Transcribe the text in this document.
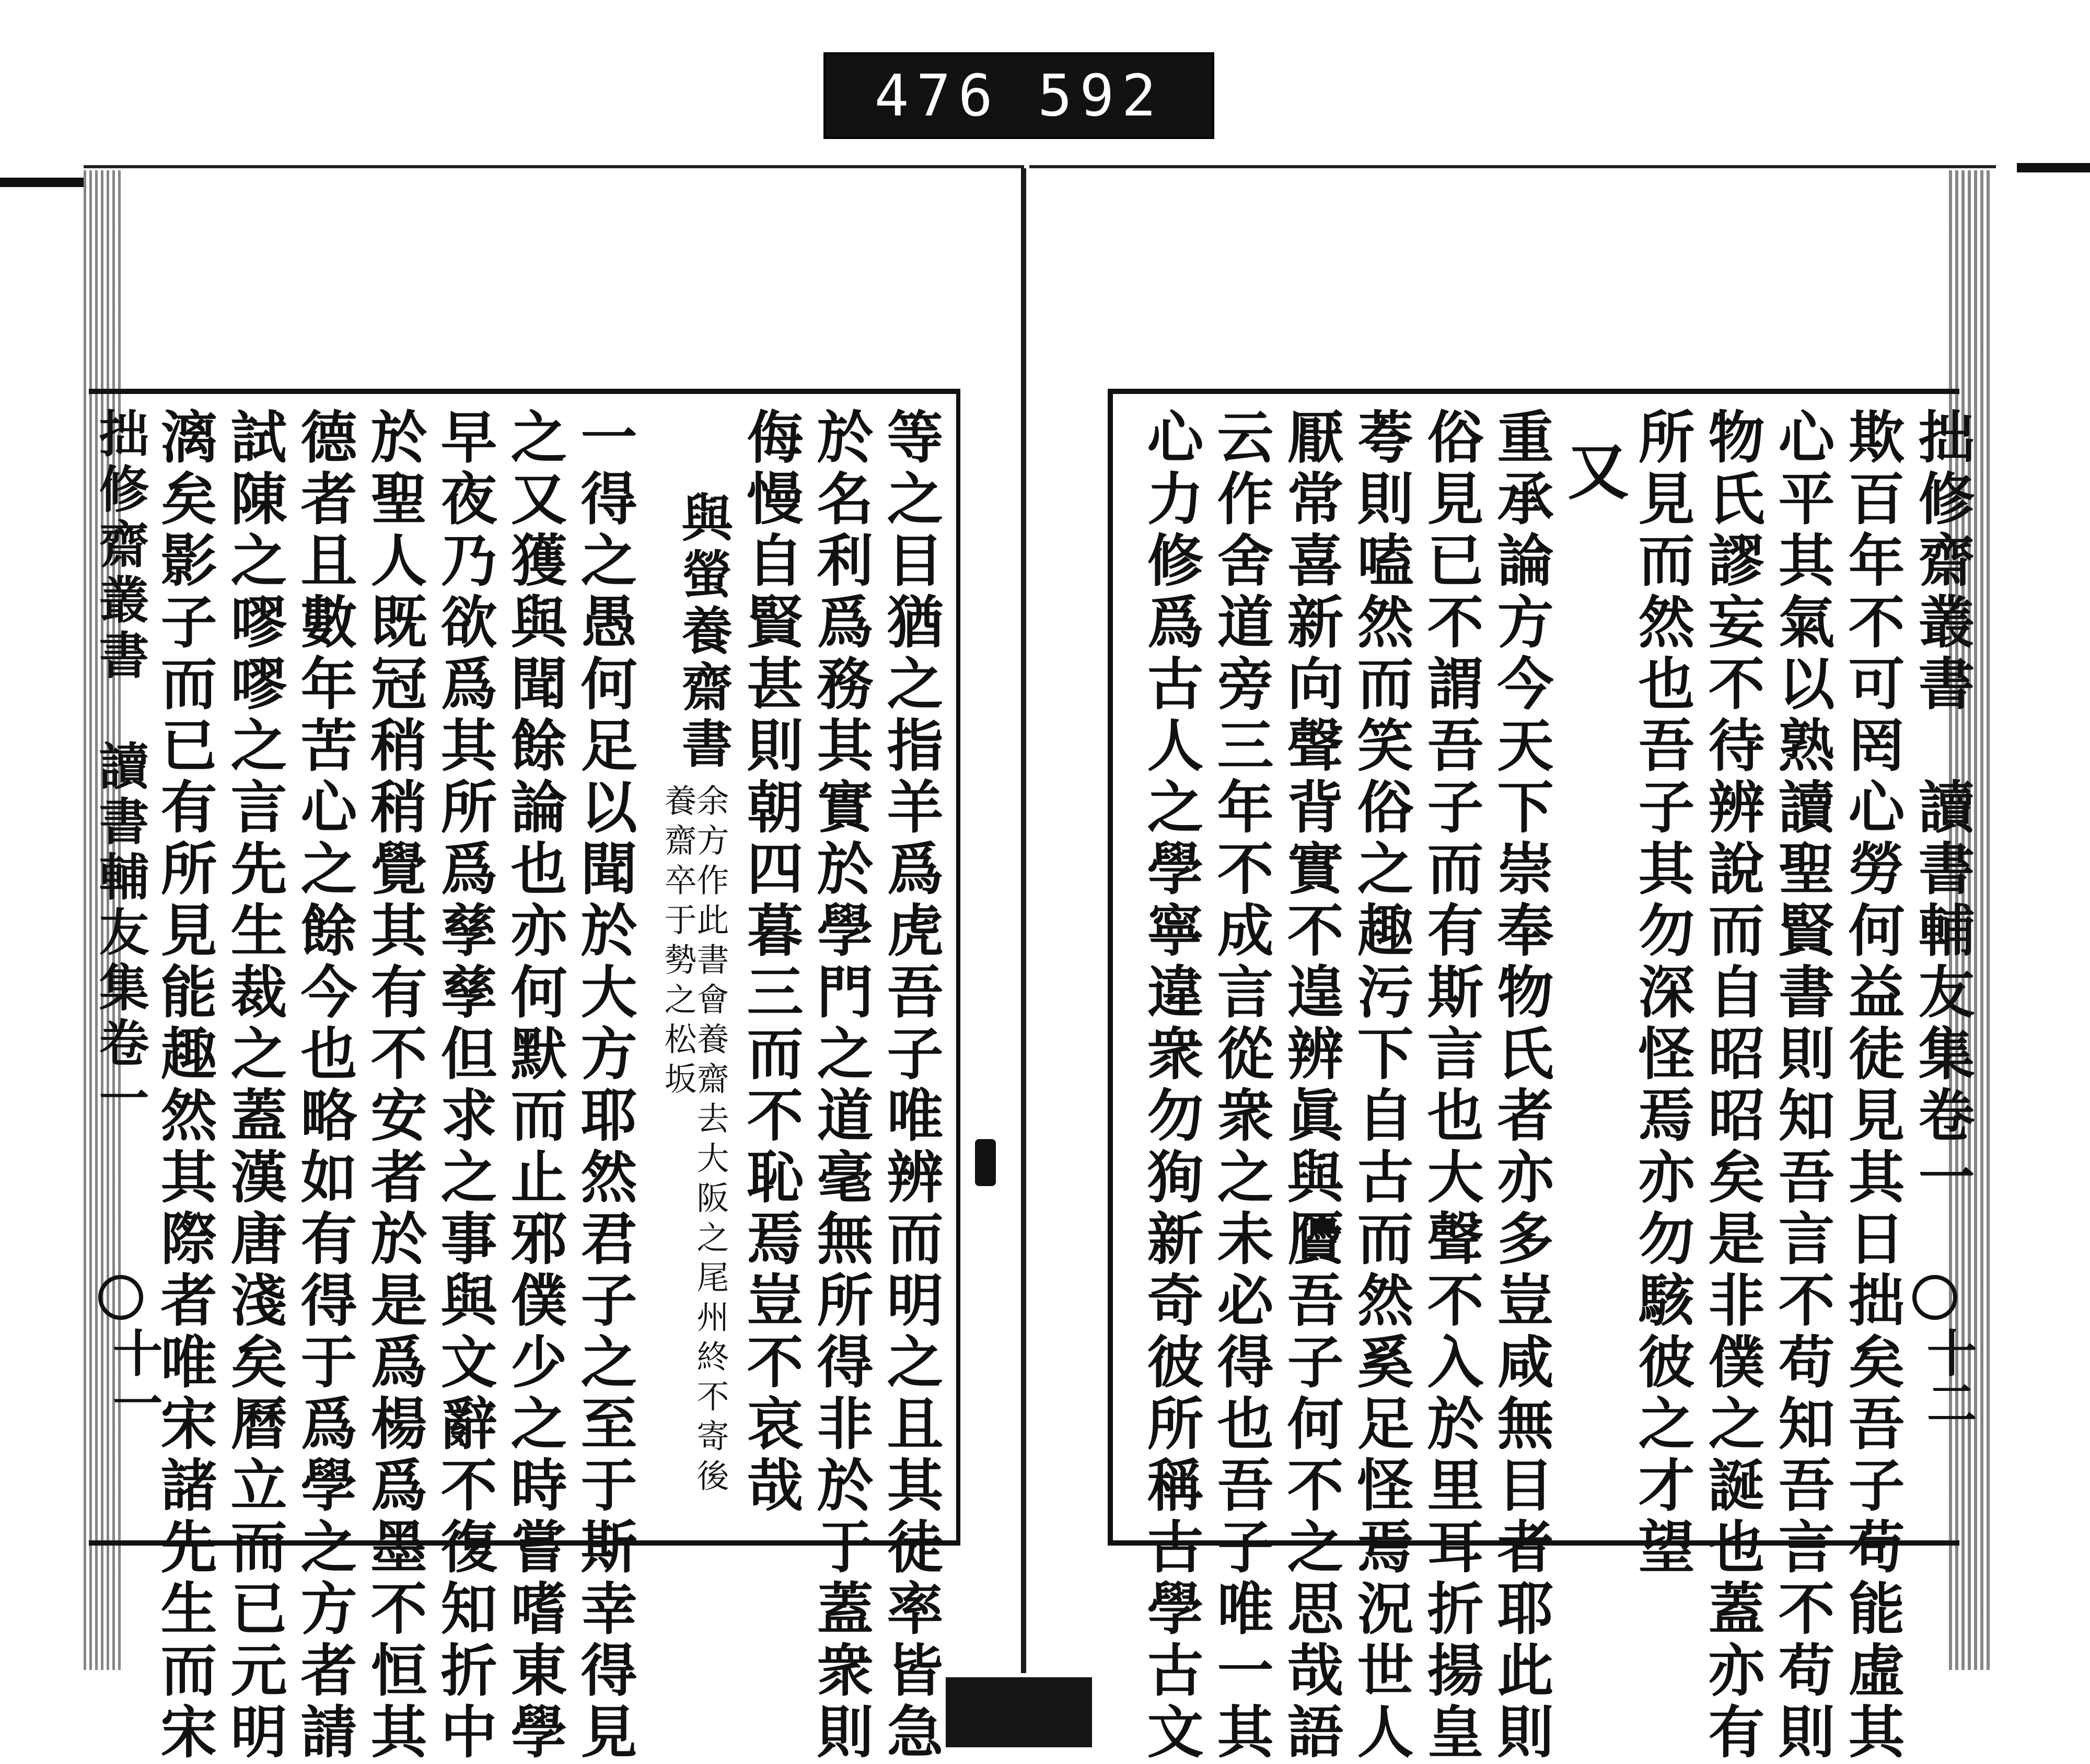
476 592
拙修齋叢書　讀書輔友集卷一
欺百年不可罔心勞何益徒見其日拙矣吾子苟能虛其
心平其氣以熟讀聖賢書則知吾言不苟知吾言不苟則
物氏謬妄不待辨說而自昭昭矣是非僕之誕也蓋亦有
所見而然也吾子其勿深怪焉亦勿駭彼之才望
又
重承論方今天下崇奉物氏者亦多豈咸無目者耶此則
俗見已不謂吾子而有斯言也大聲不入於里耳折揚皇
荂則嗑然而笑俗之趣污下自古而然奚足怪焉況世人
厭常喜新向聲背實不遑辨眞與贗吾子何不之思哉語
云作舍道旁三年不成言從衆之未必得也吾子唯一其
心力修爲古人之學寧違衆勿狥新奇彼所稱古學古文	十二
等之目猶之指羊爲虎吾子唯辨而明之且其徒率皆急
於名利爲務其實於學門之道毫無所得非於于蓋衆則
侮慢自賢甚則朝四暮三而不恥焉豈不哀哉
與螢養齋書
余方作此書會養齋去大阪之尾州終不寄後養齋卒于勢之松坂
一得之愚何足以聞於大方耶然君子之至于斯幸得見
之又獲與聞餘論也亦何默而止邪僕少之時嘗嗜東學
早夜乃欲爲其所爲孳孳但求之事與文辭不復知折中
於聖人既冠稍稍覺其有不安者於是爲楊爲墨不恒其
德者且數年苦心之餘今也略如有得于爲學之方者請
試陳之嘐嘐之言先生裁之蓋漢唐淺矣曆立而已元明
漓矣影子而已有所見能趣然其際者唯宋諸先生而宋
拙修齋叢書　讀書輔友集卷一
十一
